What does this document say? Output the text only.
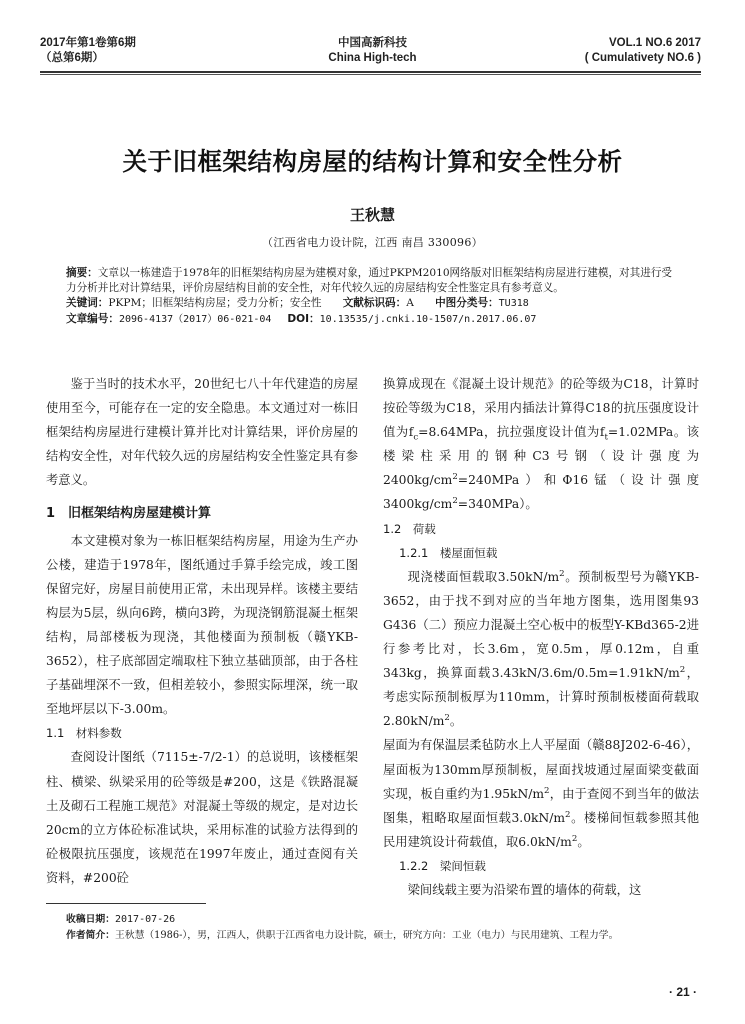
2017年第1卷第6期
（总第6期）
中国高新科技
China High-tech
VOL.1 NO.6 2017
( Cumulativety NO.6 )
关于旧框架结构房屋的结构计算和安全性分析
王秋慧
（江西省电力设计院，江西 南昌 330096）

摘要：文章以一栋建造于1978年的旧框架结构房屋为建模对象，通过PKPM2010网络版对旧框架结构房屋进行建模，对其进行受力分析并比对计算结果，评价房屋结构目前的安全性，对年代较久远的房屋结构安全性鉴定具有参考意义。

关键词：PKPM；旧框架结构房屋；受力分析；安全性   文献标识码：A   中图分类号：TU318

文章编号：2096-4137（2017）06-021-04   DOI：10.13535/j.cnki.10-1507/n.2017.06.07

鉴于当时的技术水平，20世纪七八十年代建造的房屋使用至今，可能存在一定的安全隐患。本文通过对一栋旧框架结构房屋进行建模计算并比对计算结果，评价房屋的结构安全性，对年代较久远的房屋结构安全性鉴定具有参考意义。

1　旧框架结构房屋建模计算

本文建模对象为一栋旧框架结构房屋，用途为生产办公楼，建造于1978年，图纸通过手算手绘完成，竣工图保留完好，房屋目前使用正常，未出现异样。该楼主要结构层为5层，纵向6跨，横向3跨，为现浇钢筋混凝土框架结构，局部楼板为现浇，其他楼面为预制板（赣YKB-3652），柱子底部固定端取柱下独立基础顶部，由于各柱子基础埋深不一致，但相差较小，参照实际埋深，统一取至地坪层以下-3.00m。

1.1　材料参数

查阅设计图纸（7115±-7/2-1）的总说明，该楼框架柱、横梁、纵梁采用的砼等级是#200，这是《铁路混凝土及砌石工程施工规范》对混凝土等级的规定，是对边长20cm的立方体砼标准试块，采用标准的试验方法得到的砼极限抗压强度，该规范在1997年废止，通过查阅有关资料，#200砼

换算成现在《混凝土设计规范》的砼等级为C18，计算时按砼等级为C18，采用内插法计算得C18的抗压强度设计值为$f_c=8.64MPa$，抗拉强度设计值为$f_t=1.02MPa$。该楼梁柱采用的钢种Ⅽ3号钢（设计强度为$2400kg/cm^2=240MPa$）和Φ16锰（设计强度$3400kg/cm^2=340MPa$）。

1.2　荷载

1.2.1　楼屋面恒载

现浇楼面恒载取$3.50kN/m^2$。预制板型号为赣YKB-3652，由于找不到对应的当年地方图集，选用图集93 G436（二）预应力混凝土空心板中的板型Y-KBd365-2进行参考比对，长3.6m，宽0.5m，厚0.12m，自重343kg，换算面载$3.43kN/3.6m/0.5m=1.91kN/m^2$，考虑实际预制板厚为110mm，计算时预制板楼面荷载取$2.80kN/m^2$。

屋面为有保温层柔毡防水上人平屋面（赣88J202-6-46），屋面板为130mm厚预制板，屋面找坡通过屋面梁变截面实现，板自重约为$1.95kN/m^2$，由于查阅不到当年的做法图集，粗略取屋面恒载$3.0kN/m^2$。楼梯间恒载参照其他民用建筑设计荷载值，取$6.0kN/m^2$。

1.2.2　梁间恒载

梁间线载主要为沿梁布置的墙体的荷载，这

收稿日期：2017-07-26

作者简介：王秋慧（1986-），男，江西人，供职于江西省电力设计院，硕士，研究方向：工业（电力）与民用建筑、工程力学。

· 21 ·
